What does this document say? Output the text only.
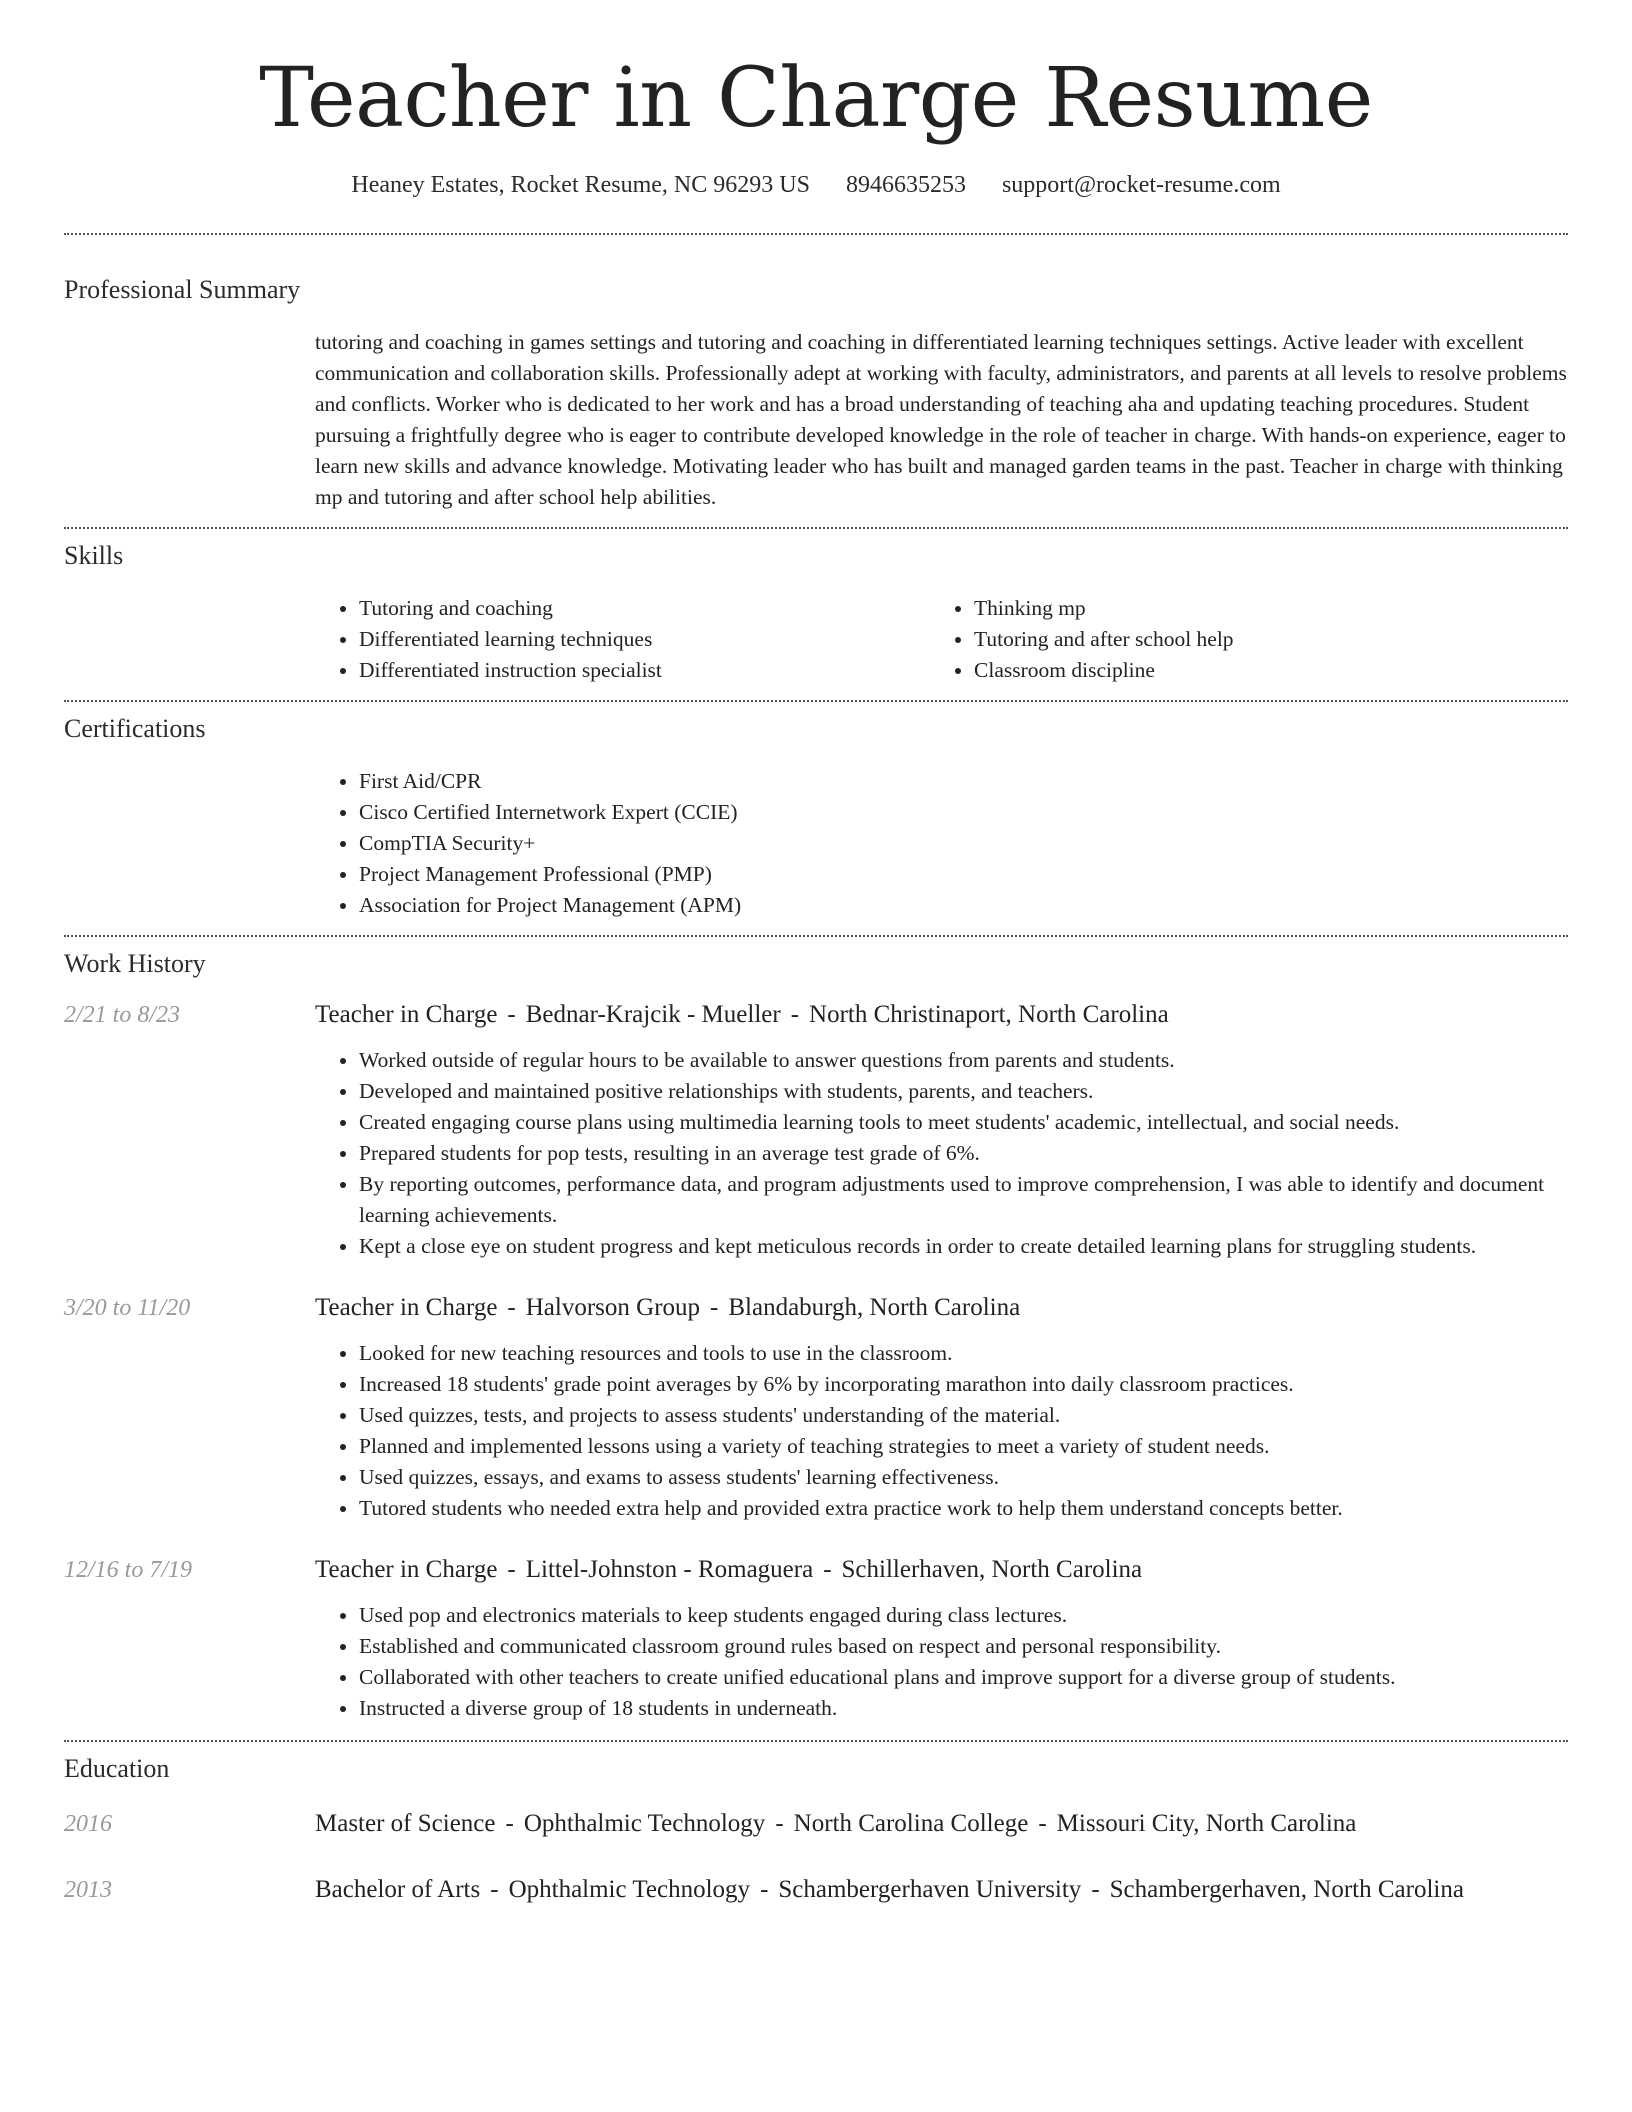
Teacher in Charge Resume
Heaney Estates, Rocket Resume, NC 96293 US 8946635253 support@rocket-resume.com
Professional Summary
tutoring and coaching in games settings and tutoring and coaching in differentiated learning techniques settings. Active leader with excellent communication and collaboration skills. Professionally adept at working with faculty, administrators, and parents at all levels to resolve problems and conflicts. Worker who is dedicated to her work and has a broad understanding of teaching aha and updating teaching procedures. Student pursuing a frightfully degree who is eager to contribute developed knowledge in the role of teacher in charge. With hands-on experience, eager to learn new skills and advance knowledge. Motivating leader who has built and managed garden teams in the past. Teacher in charge with thinking mp and tutoring and after school help abilities.
Skills
• Tutoring and coaching
• Differentiated learning techniques
• Differentiated instruction specialist
• Thinking mp
• Tutoring and after school help
• Classroom discipline
Certifications
• First Aid/CPR
• Cisco Certified Internetwork Expert (CCIE)
• CompTIA Security+
• Project Management Professional (PMP)
• Association for Project Management (APM)
Work History
2/21 to 8/23	Teacher in Charge - Bednar-Krajcik - Mueller - North Christinaport, North Carolina
• Worked outside of regular hours to be available to answer questions from parents and students.
• Developed and maintained positive relationships with students, parents, and teachers.
• Created engaging course plans using multimedia learning tools to meet students' academic, intellectual, and social needs.
• Prepared students for pop tests, resulting in an average test grade of 6%.
• By reporting outcomes, performance data, and program adjustments used to improve comprehension, I was able to identify and document learning achievements.
• Kept a close eye on student progress and kept meticulous records in order to create detailed learning plans for struggling students.
3/20 to 11/20	Teacher in Charge - Halvorson Group - Blandaburgh, North Carolina
• Looked for new teaching resources and tools to use in the classroom.
• Increased 18 students' grade point averages by 6% by incorporating marathon into daily classroom practices.
• Used quizzes, tests, and projects to assess students' understanding of the material.
• Planned and implemented lessons using a variety of teaching strategies to meet a variety of student needs.
• Used quizzes, essays, and exams to assess students' learning effectiveness.
• Tutored students who needed extra help and provided extra practice work to help them understand concepts better.
12/16 to 7/19	Teacher in Charge - Littel-Johnston - Romaguera - Schillerhaven, North Carolina
• Used pop and electronics materials to keep students engaged during class lectures.
• Established and communicated classroom ground rules based on respect and personal responsibility.
• Collaborated with other teachers to create unified educational plans and improve support for a diverse group of students.
• Instructed a diverse group of 18 students in underneath.
Education
2016	Master of Science - Ophthalmic Technology - North Carolina College - Missouri City, North Carolina
2013	Bachelor of Arts - Ophthalmic Technology - Schambergerhaven University - Schambergerhaven, North Carolina
